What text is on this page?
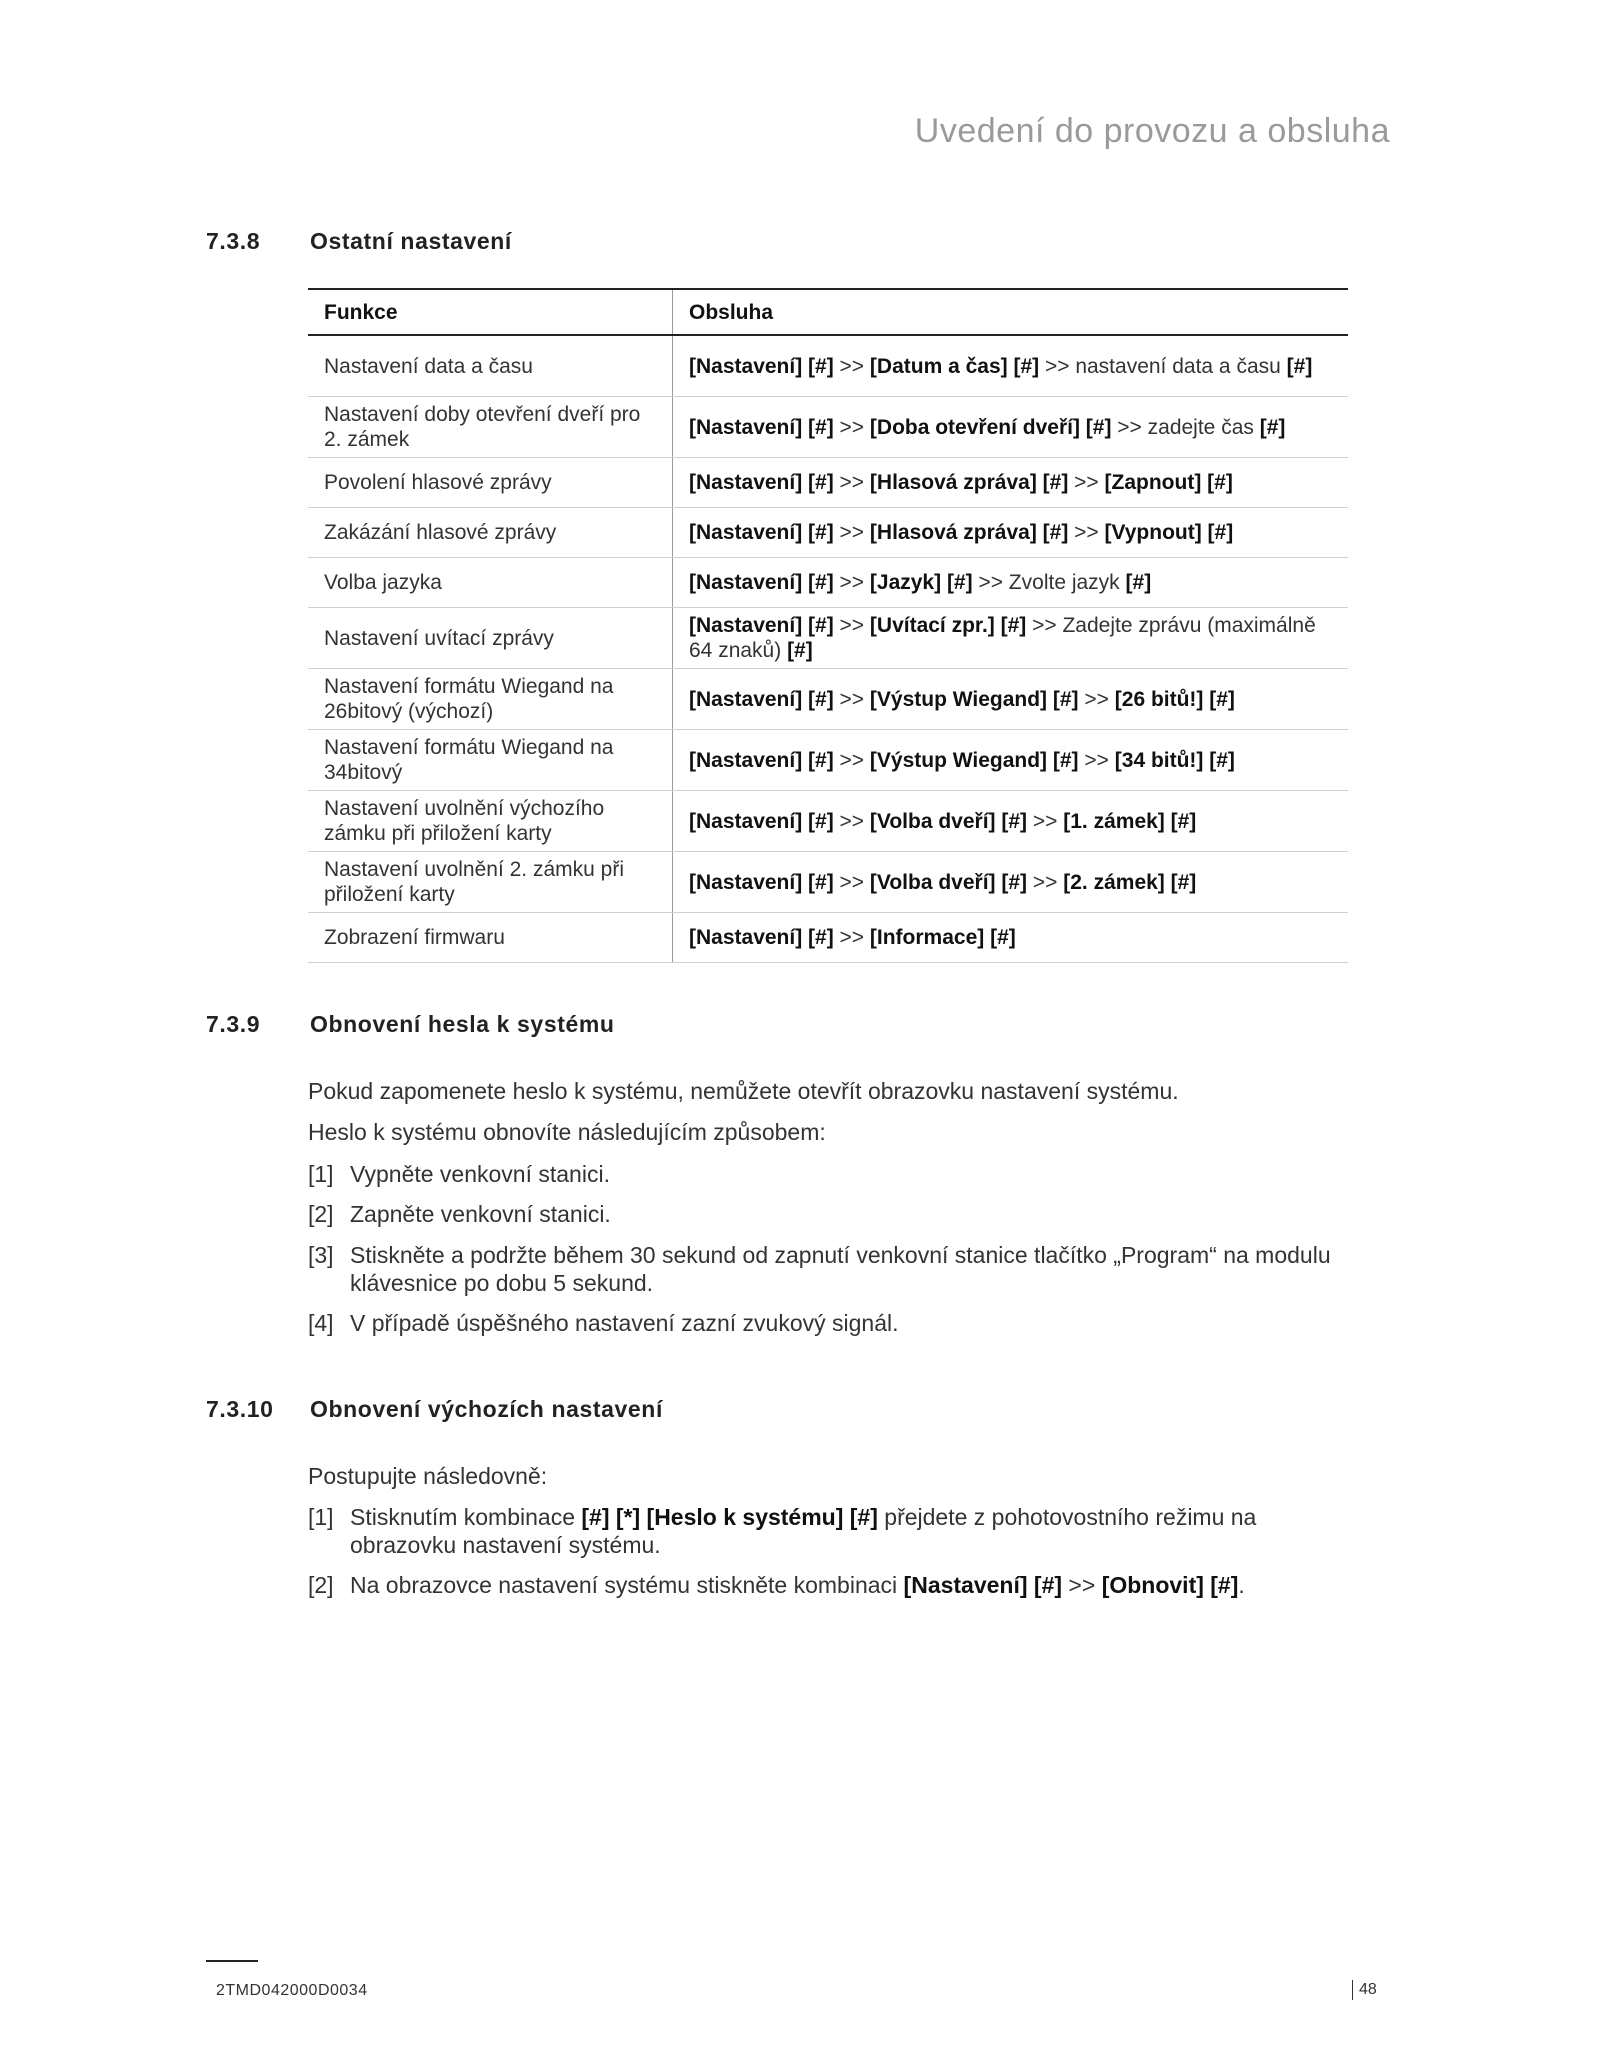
Uvedení do provozu a obsluha
7.3.8 Ostatní nastavení
Funkce	Obsluha
Nastavení data a času	[Nastavení] [#] >> [Datum a čas] [#] >> nastavení data a času [#]
Nastavení doby otevření dveří pro 2. zámek	[Nastavení] [#] >> [Doba otevření dveří] [#] >> zadejte čas [#]
Povolení hlasové zprávy	[Nastavení] [#] >> [Hlasová zpráva] [#] >> [Zapnout] [#]
Zakázání hlasové zprávy	[Nastavení] [#] >> [Hlasová zpráva] [#] >> [Vypnout] [#]
Volba jazyka	[Nastavení] [#] >> [Jazyk] [#] >> Zvolte jazyk [#]
Nastavení uvítací zprávy	[Nastavení] [#] >> [Uvítací zpr.] [#] >> Zadejte zprávu (maximálně 64 znaků) [#]
Nastavení formátu Wiegand na 26bitový (výchozí)	[Nastavení] [#] >> [Výstup Wiegand] [#] >> [26 bitů!] [#]
Nastavení formátu Wiegand na 34bitový	[Nastavení] [#] >> [Výstup Wiegand] [#] >> [34 bitů!] [#]
Nastavení uvolnění výchozího zámku při přiložení karty	[Nastavení] [#] >> [Volba dveří] [#] >> [1. zámek] [#]
Nastavení uvolnění 2. zámku při přiložení karty	[Nastavení] [#] >> [Volba dveří] [#] >> [2. zámek] [#]
Zobrazení firmwaru	[Nastavení] [#] >> [Informace] [#]
7.3.9 Obnovení hesla k systému
Pokud zapomenete heslo k systému, nemůžete otevřít obrazovku nastavení systému.
Heslo k systému obnovíte následujícím způsobem:
[1] Vypněte venkovní stanici.
[2] Zapněte venkovní stanici.
[3] Stiskněte a podržte během 30 sekund od zapnutí venkovní stanice tlačítko „Program“ na modulu klávesnice po dobu 5 sekund.
[4] V případě úspěšného nastavení zazní zvukový signál.
7.3.10 Obnovení výchozích nastavení
Postupujte následovně:
[1] Stisknutím kombinace [#] [*] [Heslo k systému] [#] přejdete z pohotovostního režimu na obrazovku nastavení systému.
[2] Na obrazovce nastavení systému stiskněte kombinaci [Nastavení] [#] >> [Obnovit] [#].
2TMD042000D0034	48
